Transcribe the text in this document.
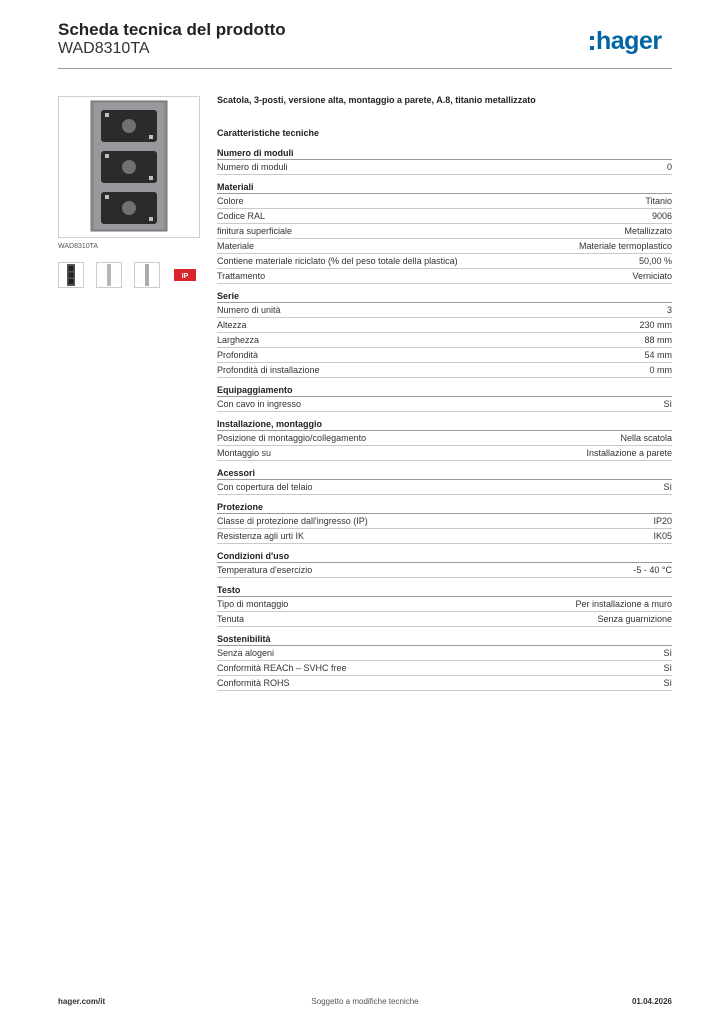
Scheda tecnica del prodotto
WAD8310TA	hager
WAD8310TA
IP
Scatola, 3-posti, versione alta, montaggio a parete, A.8, titanio metallizzato
Caratteristiche tecniche
Numero di moduli
Numero di moduli	0
Materiali
Colore	Titanio
Codice RAL	9006
finitura superficiale	Metallizzato
Materiale	Materiale termoplastico
Contiene materiale riciclato (% del peso totale della plastica)	50,00 %
Trattamento	Verniciato
Serie
Numero di unità	3
Altezza	230 mm
Larghezza	88 mm
Profondità	54 mm
Profondità di installazione	0 mm
Equipaggiamento
Con cavo in ingresso	Sì
Installazione, montaggio
Posizione di montaggio/collegamento	Nella scatola
Montaggio su	Installazione a parete
Acessori
Con copertura del telaio	Sì
Protezione
Classe di protezione dall'ingresso (IP)	IP20
Resistenza agli urti IK	IK05
Condizioni d'uso
Temperatura d'esercizio	-5 - 40 °C
Testo
Tipo di montaggio	Per installazione a muro
Tenuta	Senza guarnizione
Sostenibilità
Senza alogeni	Sì
Conformità REACh – SVHC free	Sì
Conformità ROHS	Sì
hager.com/it	Soggetto a modifiche tecniche	01.04.2026
